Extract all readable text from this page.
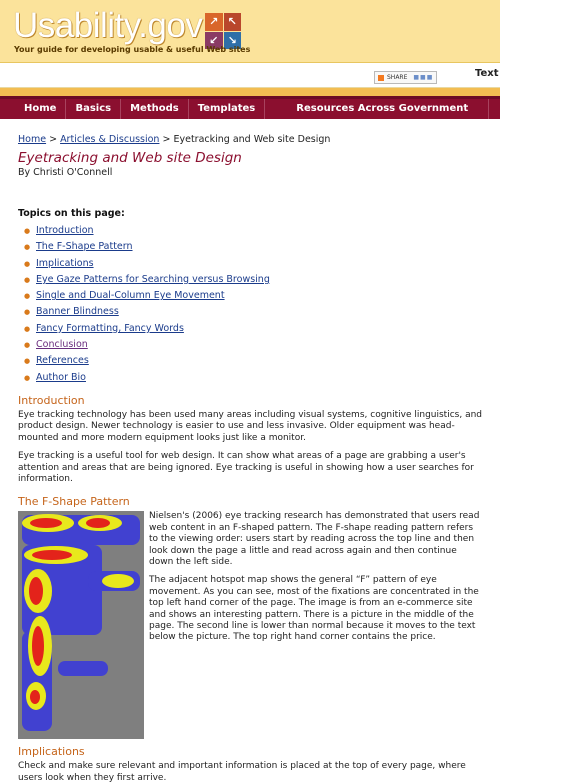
Usability.gov ↗ ↖
↙ ↘
Your guide for developing usable & useful Web sites
SHARE ■■■	Text
Home	Basics	Methods	Templates	Resources Across Government	Articles &
Home > Articles & Discussion > Eyetracking and Web site Design
Eyetracking and Web site Design
By Christi O'Connell
Topics on this page:
● Introduction
● The F-Shape Pattern
● Implications
● Eye Gaze Patterns for Searching versus Browsing
● Single and Dual-Column Eye Movement
● Banner Blindness
● Fancy Formatting, Fancy Words
● Conclusion
● References
● Author Bio
Introduction

Eye tracking technology has been used many areas including visual systems, cognitive linguistics, and product design. Newer technology is easier to use and less invasive. Older equipment was head-mounted and more modern equipment looks just like a monitor.

Eye tracking is a useful tool for web design. It can show what areas of a page are grabbing a user's attention and areas that are being ignored. Eye tracking is useful in showing how a user searches for information.

The F-Shape Pattern

Nielsen's (2006) eye tracking research has demonstrated that users read web content in an F-shaped pattern. The F-shape reading pattern refers to the viewing order: users start by reading across the top line and then look down the page a little and read across again and then continue down the left side.

The adjacent hotspot map shows the general “F” pattern of eye movement. As you can see, most of the fixations are concentrated in the top left hand corner of the page. The image is from an e-commerce site and shows an interesting pattern. There is a picture in the middle of the page. The second line is lower than normal because it moves to the text below the picture. The top right hand corner contains the price.

Implications

Check and make sure relevant and important information is placed at the top of every page, where users look when they first arrive.
